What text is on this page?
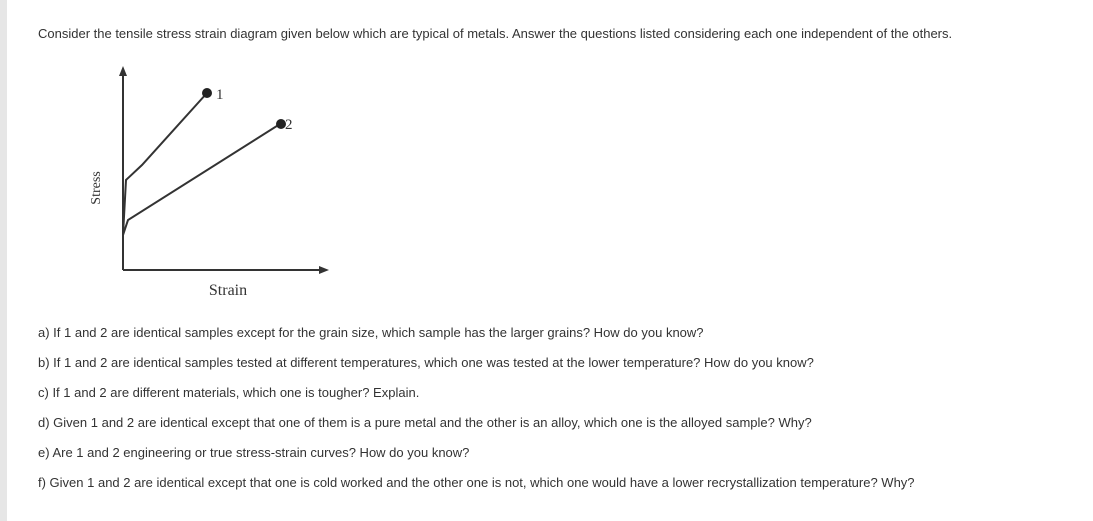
Consider the tensile stress strain diagram given below which are typical of metals. Answer the questions listed considering each one independent of the others.

1
2
Stress
Strain
a) If 1 and 2 are identical samples except for the grain size, which sample has the larger grains? How do you know?
b) If 1 and 2 are identical samples tested at different temperatures, which one was tested at the lower temperature? How do you know?
c) If 1 and 2 are different materials, which one is tougher? Explain.
d) Given 1 and 2 are identical except that one of them is a pure metal and the other is an alloy, which one is the alloyed sample? Why?
e) Are 1 and 2 engineering or true stress-strain curves? How do you know?
f) Given 1 and 2 are identical except that one is cold worked and the other one is not, which one would have a lower recrystallization temperature? Why?
